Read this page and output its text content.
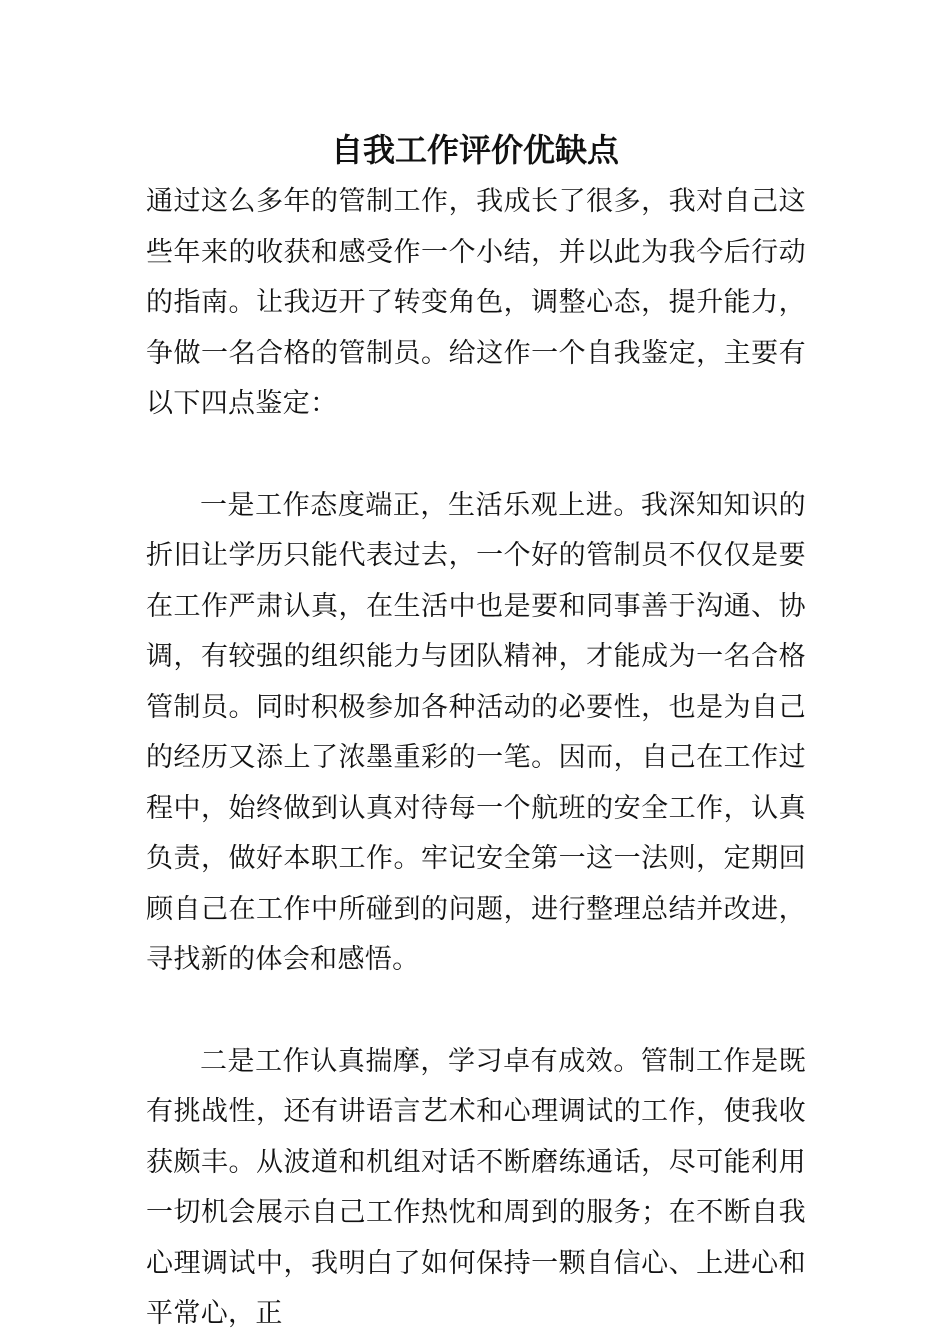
自我工作评价优缺点

通过这么多年的管制工作，我成长了很多，我对自己这些年来的收获和感受作一个小结，并以此为我今后行动的指南。让我迈开了转变角色，调整心态，提升能力，争做一名合格的管制员。给这作一个自我鉴定，主要有以下四点鉴定：

一是工作态度端正，生活乐观上进。我深知知识的折旧让学历只能代表过去，一个好的管制员不仅仅是要在工作严肃认真，在生活中也是要和同事善于沟通、协调，有较强的组织能力与团队精神，才能成为一名合格管制员。同时积极参加各种活动的必要性，也是为自己的经历又添上了浓墨重彩的一笔。因而，自己在工作过程中，始终做到认真对待每一个航班的安全工作，认真负责，做好本职工作。牢记安全第一这一法则，定期回顾自己在工作中所碰到的问题，进行整理总结并改进，寻找新的体会和感悟。

二是工作认真揣摩，学习卓有成效。管制工作是既有挑战性，还有讲语言艺术和心理调试的工作，使我收获颇丰。从波道和机组对话不断磨练通话，尽可能利用一切机会展示自己工作热忱和周到的服务；在不断自我心理调试中，我明白了如何保持一颗自信心、上进心和平常心，正
